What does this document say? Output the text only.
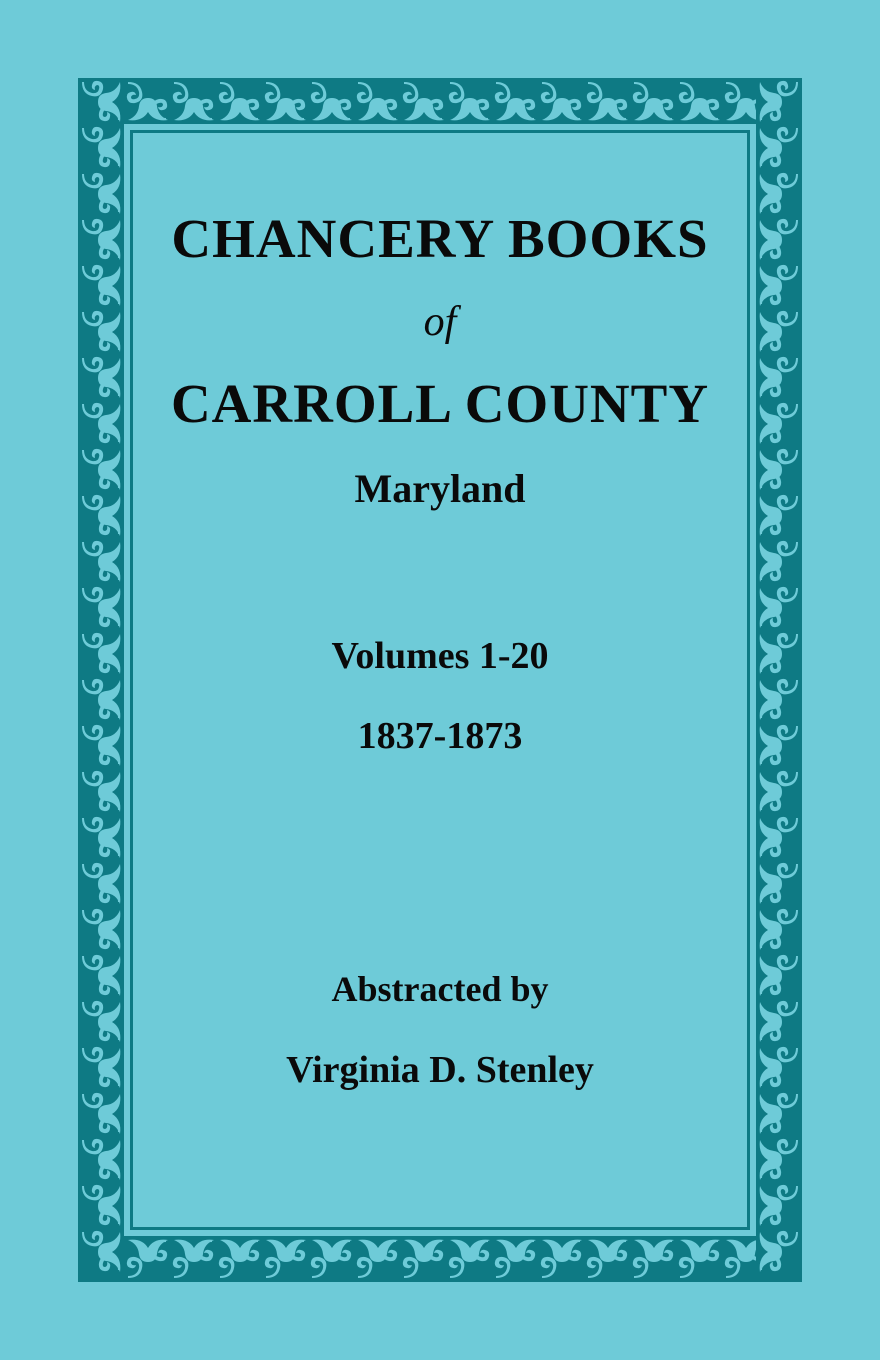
CHANCERY BOOKS
of
CARROLL COUNTY
Maryland
Volumes 1-20
1837-1873
Abstracted by
Virginia D. Stenley
